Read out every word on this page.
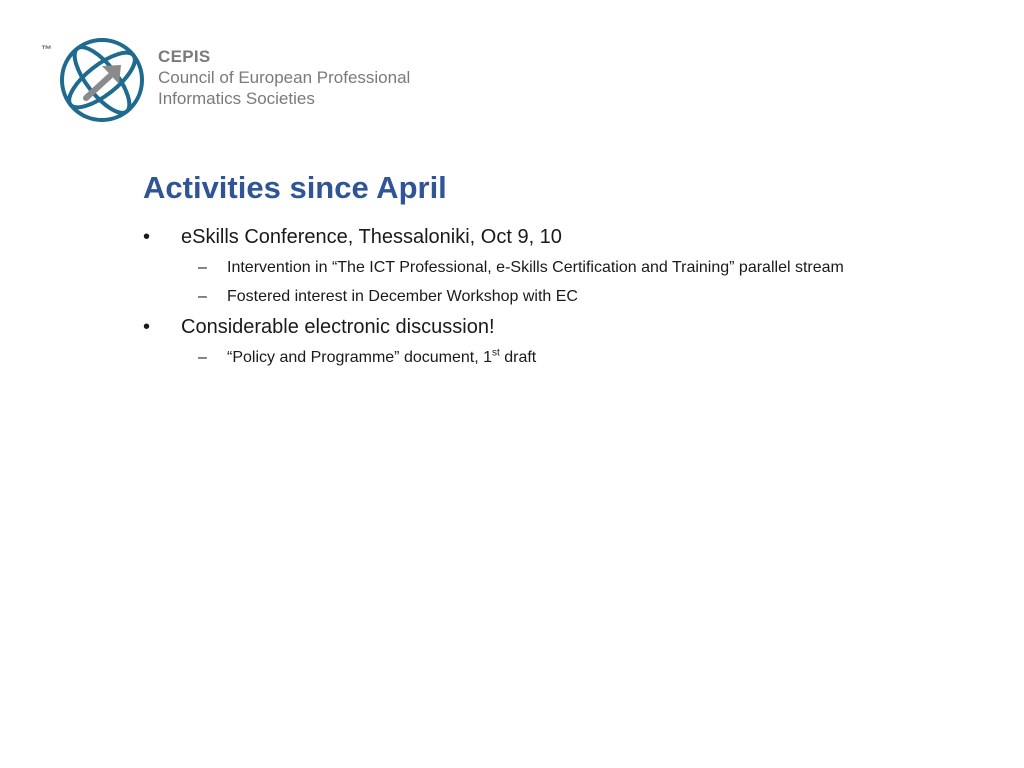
™	CEPIS
Council of European Professional
Informatics Societies
Activities since April
•	eSkills Conference, Thessaloniki, Oct 9, 10
– Intervention in “The ICT Professional, e-Skills Certification and Training” parallel stream
– Fostered interest in December Workshop with EC
•	Considerable electronic discussion!
– “Policy and Programme” document, 1st draft
